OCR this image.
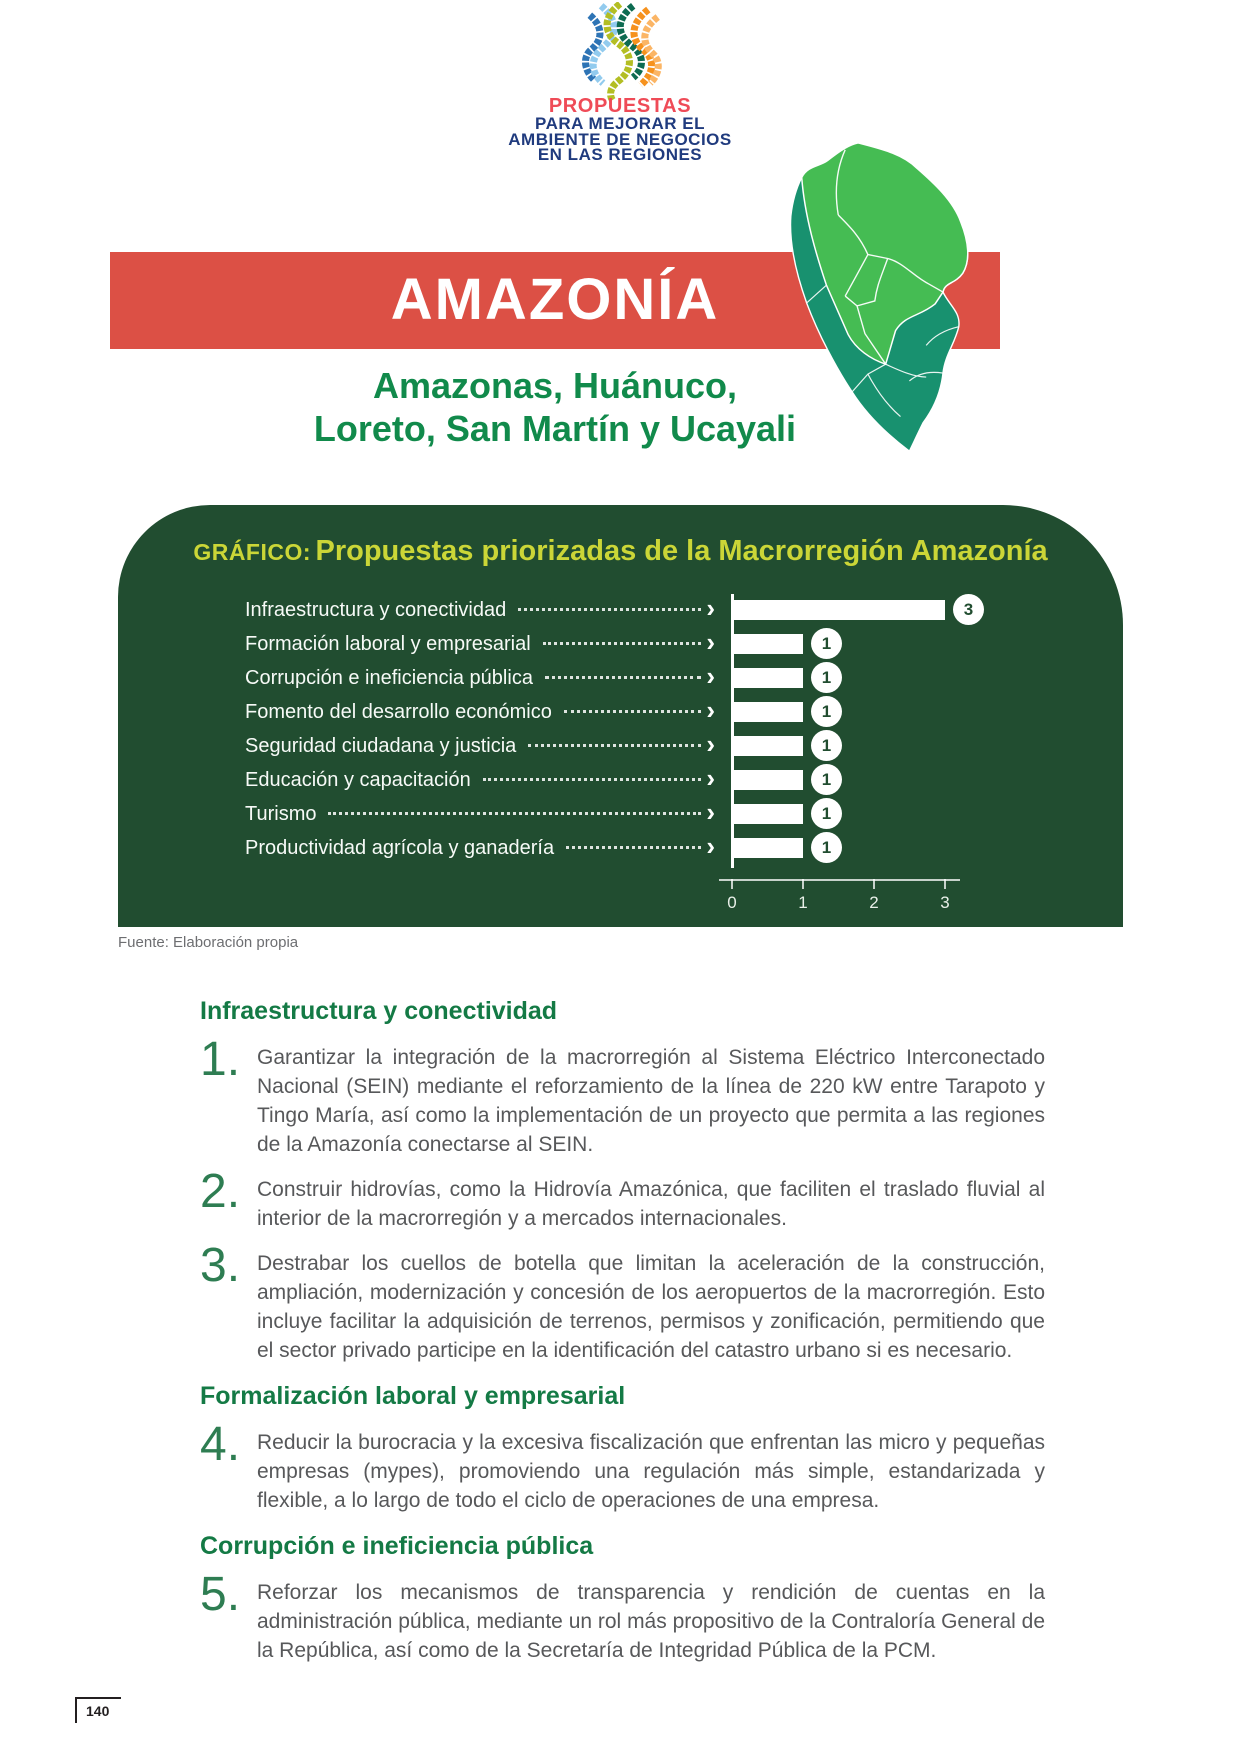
PROPUESTAS
PARA MEJORAR EL
AMBIENTE DE NEGOCIOS
EN LAS REGIONES
AMAZONÍA
Amazonas, Huánuco,
Loreto, San Martín y Ucayali
GRÁFICO: Propuestas priorizadas de la Macrorregión Amazonía
Infraestructura y conectividad	›	3
Formación laboral y empresarial	›	1
Corrupción e ineficiencia pública	›	1
Fomento del desarrollo económico	›	1
Seguridad ciudadana y justicia	›	1
Educación y capacitación	›	1
Turismo	›	1
Productividad agrícola y ganadería	›	1
0	1	2	3
Fuente: Elaboración propia
Infraestructura y conectividad
1. Garantizar la integración de la macrorregión al Sistema Eléctrico Interconectado Nacional (SEIN) mediante el reforzamiento de la línea de 220 kW entre Tarapoto y Tingo María, así como la implementación de un proyecto que permita a las regiones de la Amazonía conectarse al SEIN.

2. Construir hidrovías, como la Hidrovía Amazónica, que faciliten el traslado fluvial al interior de la macrorregión y a mercados internacionales.

3. Destrabar los cuellos de botella que limitan la aceleración de la construcción, ampliación, modernización y concesión de los aeropuertos de la macrorregión. Esto incluye facilitar la adquisición de terrenos, permisos y zonificación, permitiendo que el sector privado participe en la identificación del catastro urbano si es necesario.

Formalización laboral y empresarial
4. Reducir la burocracia y la excesiva fiscalización que enfrentan las micro y pequeñas empresas (mypes), promoviendo una regulación más simple, estandarizada y flexible, a lo largo de todo el ciclo de operaciones de una empresa.

Corrupción e ineficiencia pública
5. Reforzar los mecanismos de transparencia y rendición de cuentas en la administración pública, mediante un rol más propositivo de la Contraloría General de la República, así como de la Secretaría de Integridad Pública de la PCM.

140
